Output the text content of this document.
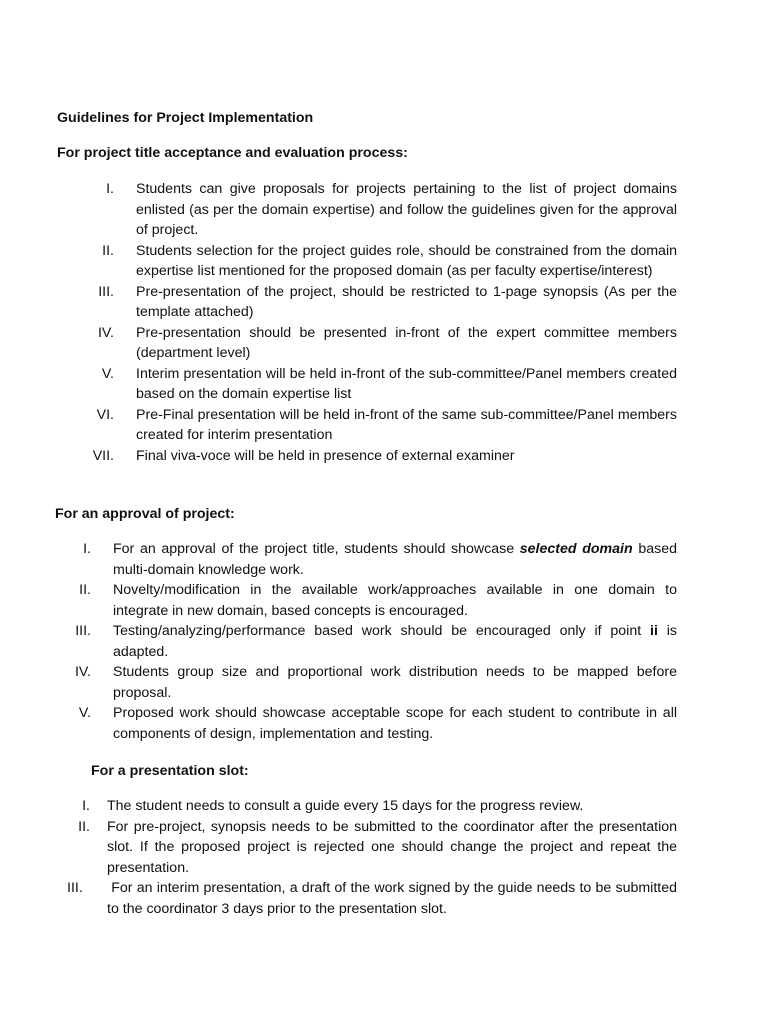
Guidelines for Project Implementation
For project title acceptance and evaluation process:
I. Students can give proposals for projects pertaining to the list of project domains enlisted (as per the domain expertise) and follow the guidelines given for the approval of project.
II. Students selection for the project guides role, should be constrained from the domain expertise list mentioned for the proposed domain (as per faculty expertise/interest)
III. Pre-presentation of the project, should be restricted to 1-page synopsis (As per the template attached)
IV. Pre-presentation should be presented in-front of the expert committee members (department level)
V. Interim presentation will be held in-front of the sub-committee/Panel members created based on the domain expertise list
VI. Pre-Final presentation will be held in-front of the same sub-committee/Panel members created for interim presentation
VII. Final viva-voce will be held in presence of external examiner
For an approval of project:
I. For an approval of the project title, students should showcase selected domain based multi-domain knowledge work.
II. Novelty/modification in the available work/approaches available in one domain to integrate in new domain, based concepts is encouraged.
III. Testing/analyzing/performance based work should be encouraged only if point ii is adapted.
IV. Students group size and proportional work distribution needs to be mapped before proposal.
V. Proposed work should showcase acceptable scope for each student to contribute in all components of design, implementation and testing.
For a presentation slot:
I. The student needs to consult a guide every 15 days for the progress review.
II. For pre-project, synopsis needs to be submitted to the coordinator after the presentation slot. If the proposed project is rejected one should change the project and repeat the presentation.
III.	For an interim presentation, a draft of the work signed by the guide needs to be submitted to the coordinator 3 days prior to the presentation slot.
